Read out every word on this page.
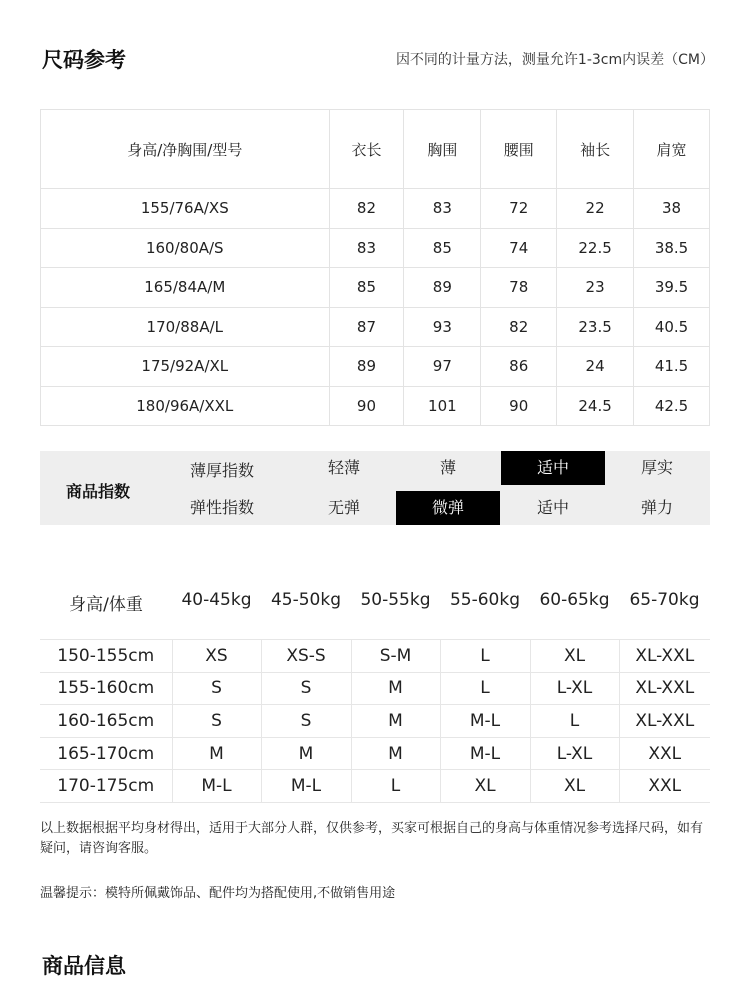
尺码参考	因不同的计量方法，测量允许1-3cm内误差（CM）
身高/净胸围/型号	衣长	胸围	腰围	袖长	肩宽
155/76A/XS	82	83	72	22	38
160/80A/S	83	85	74	22.5	38.5
165/84A/M	85	89	78	23	39.5
170/88A/L	87	93	82	23.5	40.5
175/92A/XL	89	97	86	24	41.5
180/96A/XXL	90	101	90	24.5	42.5
商品指数
薄厚指数	轻薄	薄	适中	厚实
弹性指数	无弹	微弹	适中	弹力
身高/体重	40-45kg	45-50kg	50-55kg	55-60kg	60-65kg	65-70kg
150-155cm	XS	XS-S	S-M	L	XL	XL-XXL
155-160cm	S	S	M	L	L-XL	XL-XXL
160-165cm	S	S	M	M-L	L	XL-XXL
165-170cm	M	M	M	M-L	L-XL	XXL
170-175cm	M-L	M-L	L	XL	XL	XXL
以上数据根据平均身材得出，适用于大部分人群，仅供参考，买家可根据自己的身高与体重情况参考选择尺码，如有疑问，请咨询客服。
温馨提示：模特所佩戴饰品、配件均为搭配使用,不做销售用途
商品信息
